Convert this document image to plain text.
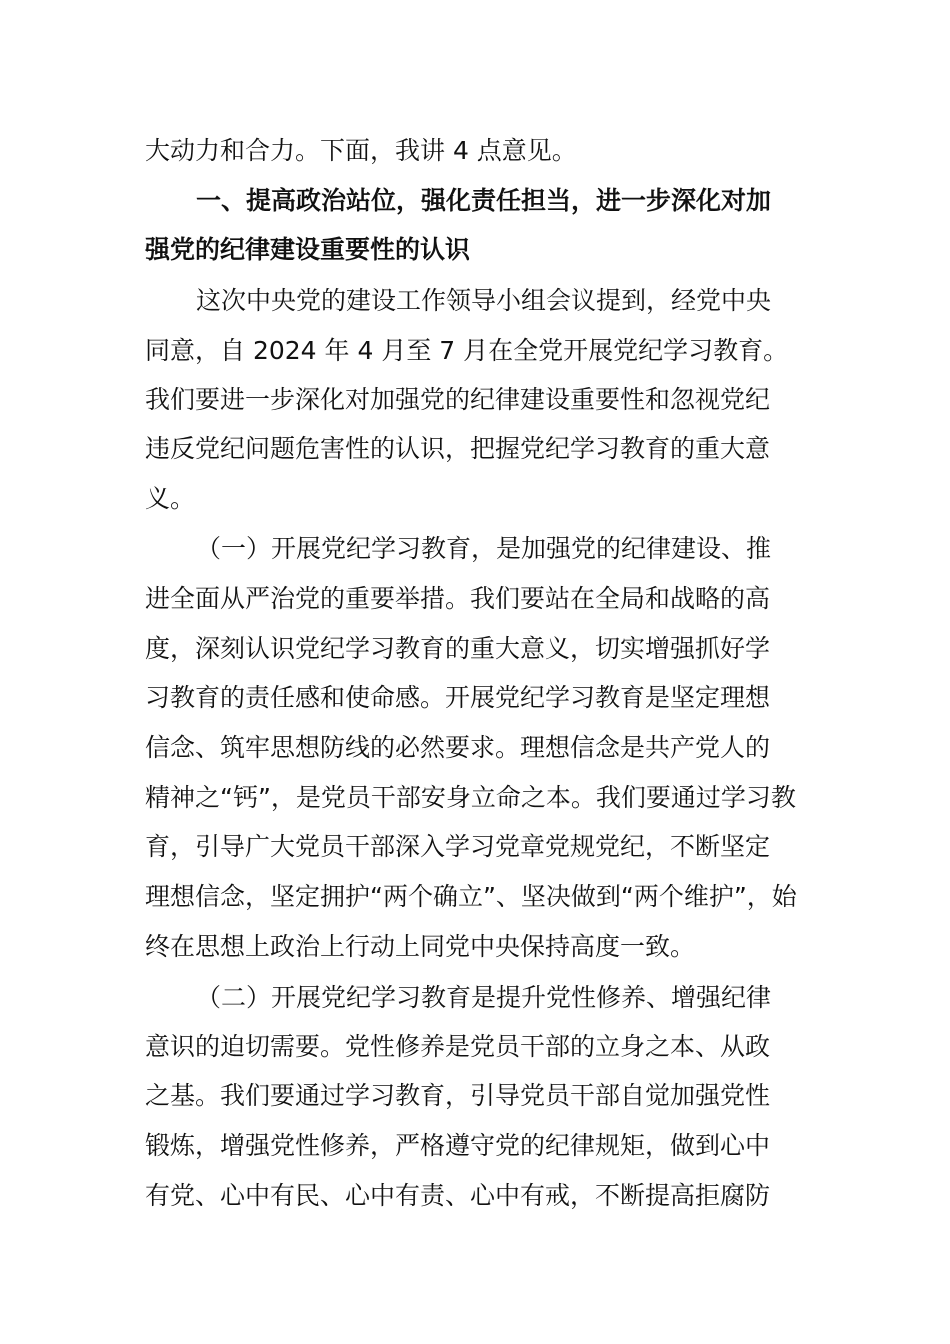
大动力和合力。下面，我讲 4 点意见。
一、提高政治站位，强化责任担当，进一步深化对加
强党的纪律建设重要性的认识
这次中央党的建设工作领导小组会议提到，经党中央
同意，自 2024 年 4 月至 7 月在全党开展党纪学习教育。
我们要进一步深化对加强党的纪律建设重要性和忽视党纪
违反党纪问题危害性的认识，把握党纪学习教育的重大意
义。
（一）开展党纪学习教育，是加强党的纪律建设、推
进全面从严治党的重要举措。我们要站在全局和战略的高
度，深刻认识党纪学习教育的重大意义，切实增强抓好学
习教育的责任感和使命感。开展党纪学习教育是坚定理想
信念、筑牢思想防线的必然要求。理想信念是共产党人的
精神之“钙”，是党员干部安身立命之本。我们要通过学习教
育，引导广大党员干部深入学习党章党规党纪，不断坚定
理想信念，坚定拥护“两个确立”、坚决做到“两个维护”，始
终在思想上政治上行动上同党中央保持高度一致。
（二）开展党纪学习教育是提升党性修养、增强纪律
意识的迫切需要。党性修养是党员干部的立身之本、从政
之基。我们要通过学习教育，引导党员干部自觉加强党性
锻炼，增强党性修养，严格遵守党的纪律规矩，做到心中
有党、心中有民、心中有责、心中有戒，不断提高拒腐防
